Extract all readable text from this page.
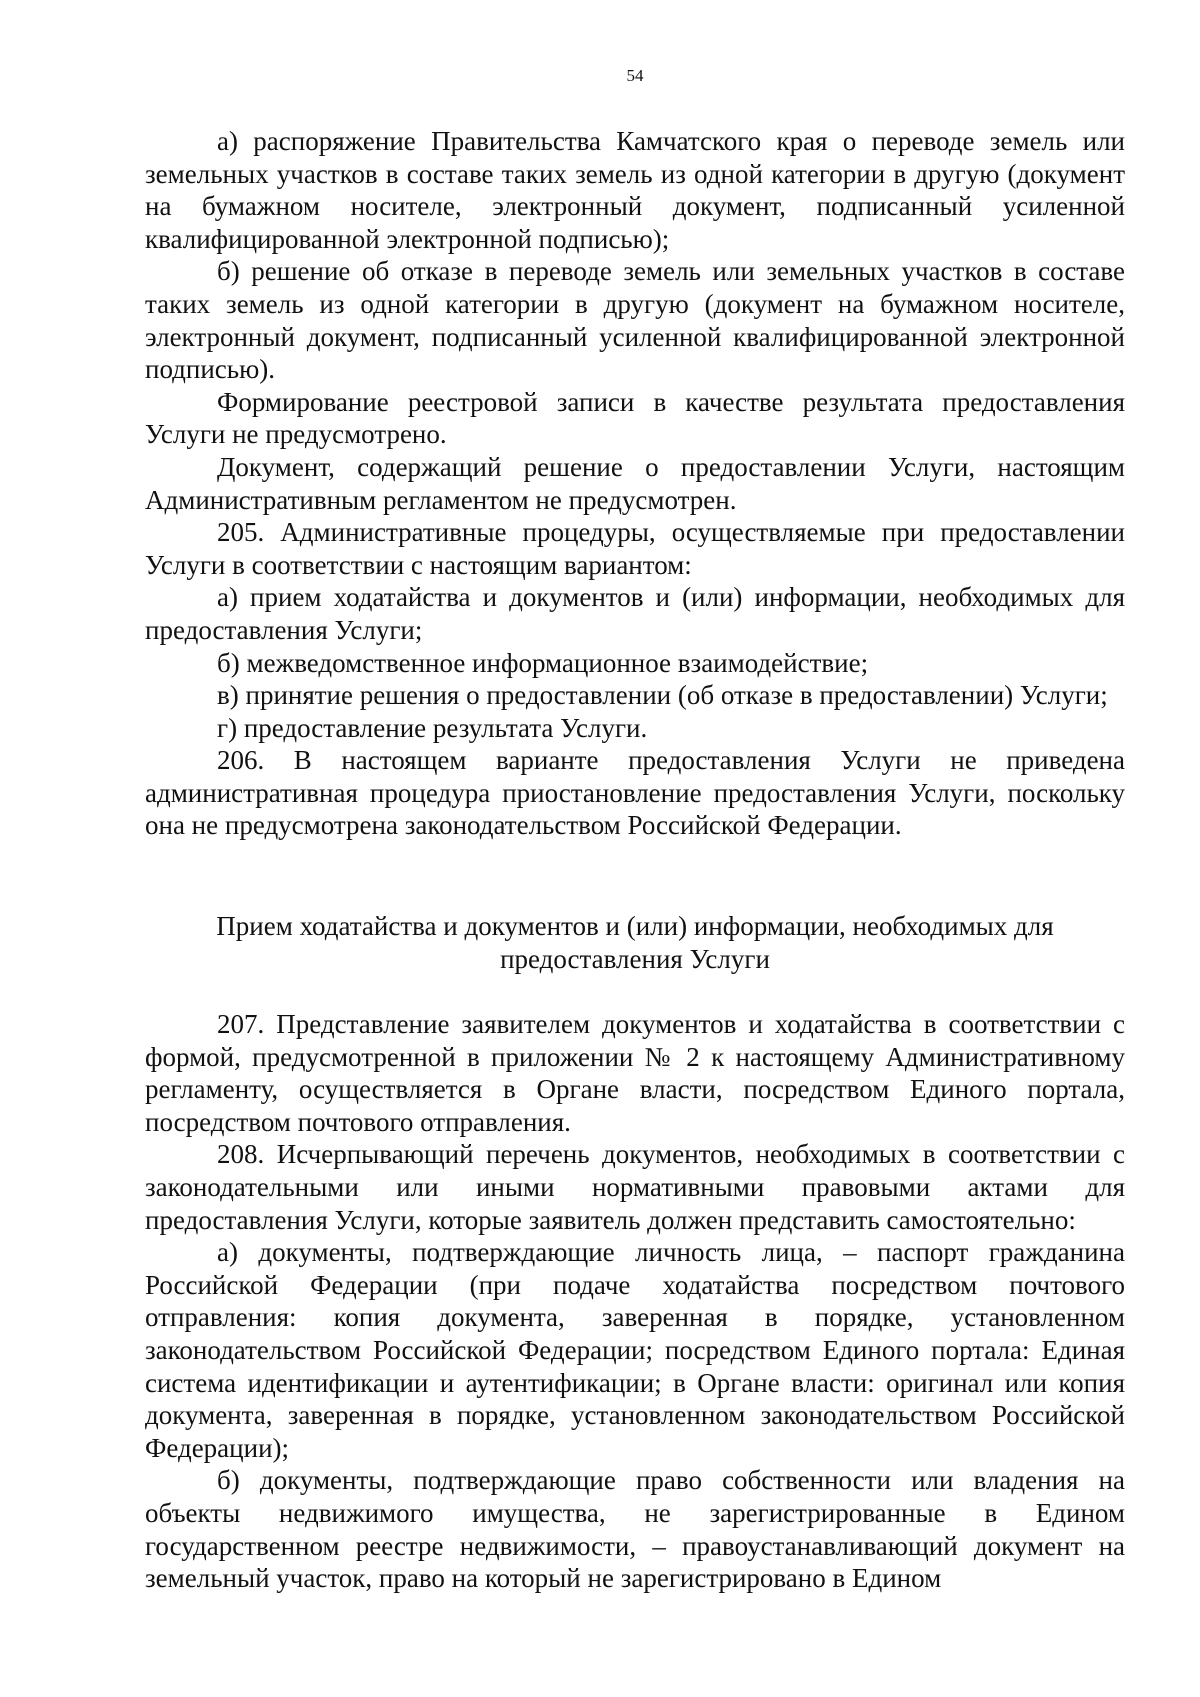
54

а) распоряжение Правительства Камчатского края о переводе земель или земельных участков в составе таких земель из одной категории в другую (документ на бумажном носителе, электронный документ, подписанный усиленной квалифицированной электронной подписью);

б) решение об отказе в переводе земель или земельных участков в составе таких земель из одной категории в другую (документ на бумажном носителе, электронный документ, подписанный усиленной квалифицированной электронной подписью).

Формирование реестровой записи в качестве результата предоставления Услуги не предусмотрено.

Документ, содержащий решение о предоставлении Услуги, настоящим Административным регламентом не предусмотрен.

205. Административные процедуры, осуществляемые при предоставлении Услуги в соответствии с настоящим вариантом:

а) прием ходатайства и документов и (или) информации, необходимых для предоставления Услуги;

б) межведомственное информационное взаимодействие;

в) принятие решения о предоставлении (об отказе в предоставлении) Услуги;

г) предоставление результата Услуги.

206. В настоящем варианте предоставления Услуги не приведена административная процедура приостановление предоставления Услуги, поскольку она не предусмотрена законодательством Российской Федерации.

Прием ходатайства и документов и (или) информации, необходимых для
предоставления Услуги

207. Представление заявителем документов и ходатайства в соответствии с формой, предусмотренной в приложении № 2 к настоящему Административному регламенту, осуществляется в Органе власти, посредством Единого портала, посредством почтового отправления.

208. Исчерпывающий перечень документов, необходимых в соответствии с законодательными или иными нормативными правовыми актами для предоставления Услуги, которые заявитель должен представить самостоятельно:

а) документы, подтверждающие личность лица, – паспорт гражданина Российской Федерации (при подаче ходатайства посредством почтового отправления: копия документа, заверенная в порядке, установленном законодательством Российской Федерации; посредством Единого портала: Единая система идентификации и аутентификации; в Органе власти: оригинал или копия документа, заверенная в порядке, установленном законодательством Российской Федерации);

б) документы, подтверждающие право собственности или владения на объекты недвижимого имущества, не зарегистрированные в Едином государственном реестре недвижимости, – правоустанавливающий документ на земельный участок, право на который не зарегистрировано в Едином
